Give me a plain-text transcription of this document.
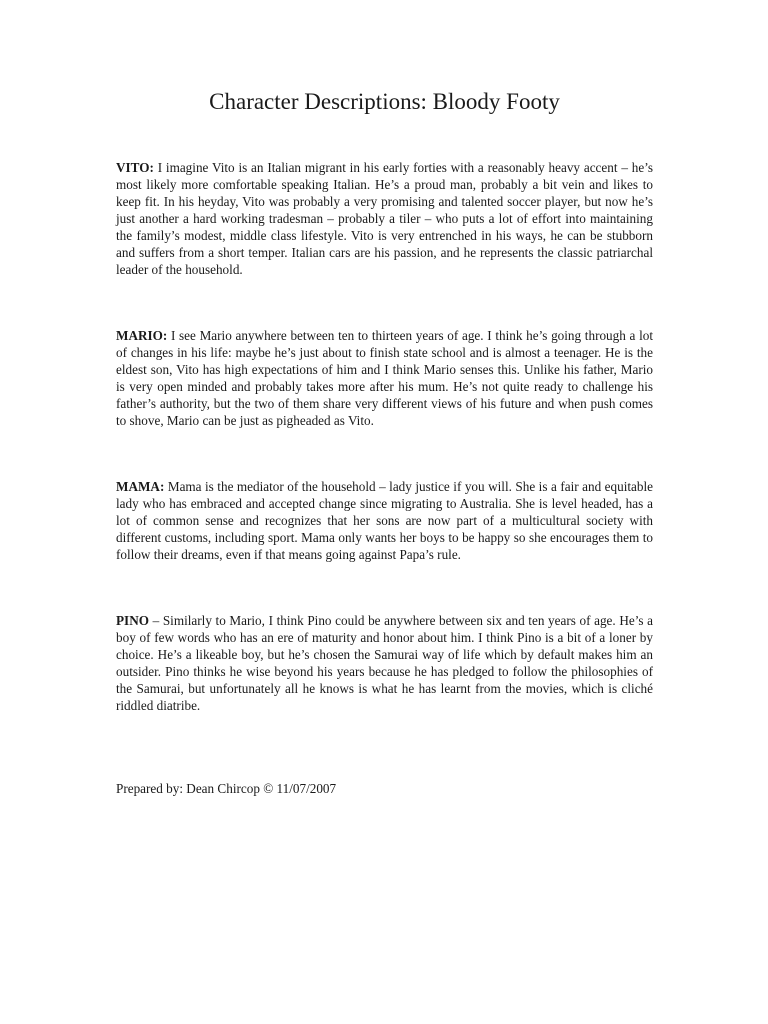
Character Descriptions: Bloody Footy

VITO: I imagine Vito is an Italian migrant in his early forties with a reasonably heavy accent – he’s most likely more comfortable speaking Italian. He’s a proud man, probably a bit vein and likes to keep fit. In his heyday, Vito was probably a very promising and talented soccer player, but now he’s just another a hard working tradesman – probably a tiler – who puts a lot of effort into maintaining the family’s modest, middle class lifestyle. Vito is very entrenched in his ways, he can be stubborn and suffers from a short temper. Italian cars are his passion, and he represents the classic patriarchal leader of the household.

MARIO: I see Mario anywhere between ten to thirteen years of age. I think he’s going through a lot of changes in his life: maybe he’s just about to finish state school and is almost a teenager. He is the eldest son, Vito has high expectations of him and I think Mario senses this. Unlike his father, Mario is very open minded and probably takes more after his mum. He’s not quite ready to challenge his father’s authority, but the two of them share very different views of his future and when push comes to shove, Mario can be just as pigheaded as Vito.

MAMA: Mama is the mediator of the household – lady justice if you will. She is a fair and equitable lady who has embraced and accepted change since migrating to Australia. She is level headed, has a lot of common sense and recognizes that her sons are now part of a multicultural society with different customs, including sport. Mama only wants her boys to be happy so she encourages them to follow their dreams, even if that means going against Papa’s rule.

PINO – Similarly to Mario, I think Pino could be anywhere between six and ten years of age. He’s a boy of few words who has an ere of maturity and honor about him. I think Pino is a bit of a loner by choice. He’s a likeable boy, but he’s chosen the Samurai way of life which by default makes him an outsider. Pino thinks he wise beyond his years because he has pledged to follow the philosophies of the Samurai, but unfortunately all he knows is what he has learnt from the movies, which is cliché riddled diatribe.

Prepared by: Dean Chircop © 11/07/2007
